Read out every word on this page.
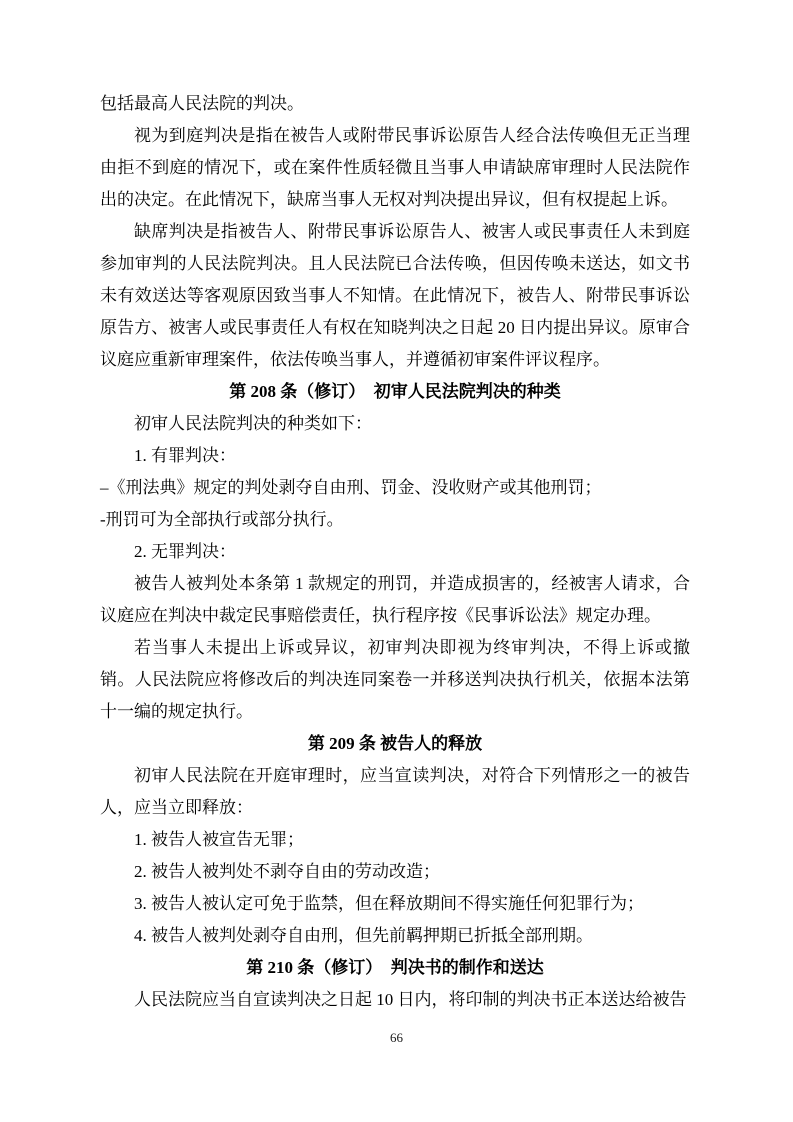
包括最高人民法院的判决。

视为到庭判决是指在被告人或附带民事诉讼原告人经合法传唤但无正当理由拒不到庭的情况下，或在案件性质轻微且当事人申请缺席审理时人民法院作出的决定。在此情况下，缺席当事人无权对判决提出异议，但有权提起上诉。

缺席判决是指被告人、附带民事诉讼原告人、被害人或民事责任人未到庭参加审判的人民法院判决。且人民法院已合法传唤，但因传唤未送达，如文书未有效送达等客观原因致当事人不知情。在此情况下，被告人、附带民事诉讼原告方、被害人或民事责任人有权在知晓判决之日起 20 日内提出异议。原审合议庭应重新审理案件，依法传唤当事人，并遵循初审案件评议程序。

第 208 条（修订）　初审人民法院判决的种类

初审人民法院判决的种类如下：

1. 有罪判决：

–《刑法典》规定的判处剥夺自由刑、罚金、没收财产或其他刑罚；

-刑罚可为全部执行或部分执行。

2. 无罪判决：

被告人被判处本条第 1 款规定的刑罚，并造成损害的，经被害人请求，合议庭应在判决中裁定民事赔偿责任，执行程序按《民事诉讼法》规定办理。

若当事人未提出上诉或异议，初审判决即视为终审判决，不得上诉或撤销。人民法院应将修改后的判决连同案卷一并移送判决执行机关，依据本法第十一编的规定执行。

第 209 条 被告人的释放

初审人民法院在开庭审理时，应当宣读判决，对符合下列情形之一的被告人，应当立即释放：

1. 被告人被宣告无罪；

2. 被告人被判处不剥夺自由的劳动改造；

3. 被告人被认定可免于监禁，但在释放期间不得实施任何犯罪行为；

4. 被告人被判处剥夺自由刑，但先前羁押期已折抵全部刑期。

第 210 条（修订）　判决书的制作和送达

人民法院应当自宣读判决之日起 10 日内，将印制的判决书正本送达给被告

66
